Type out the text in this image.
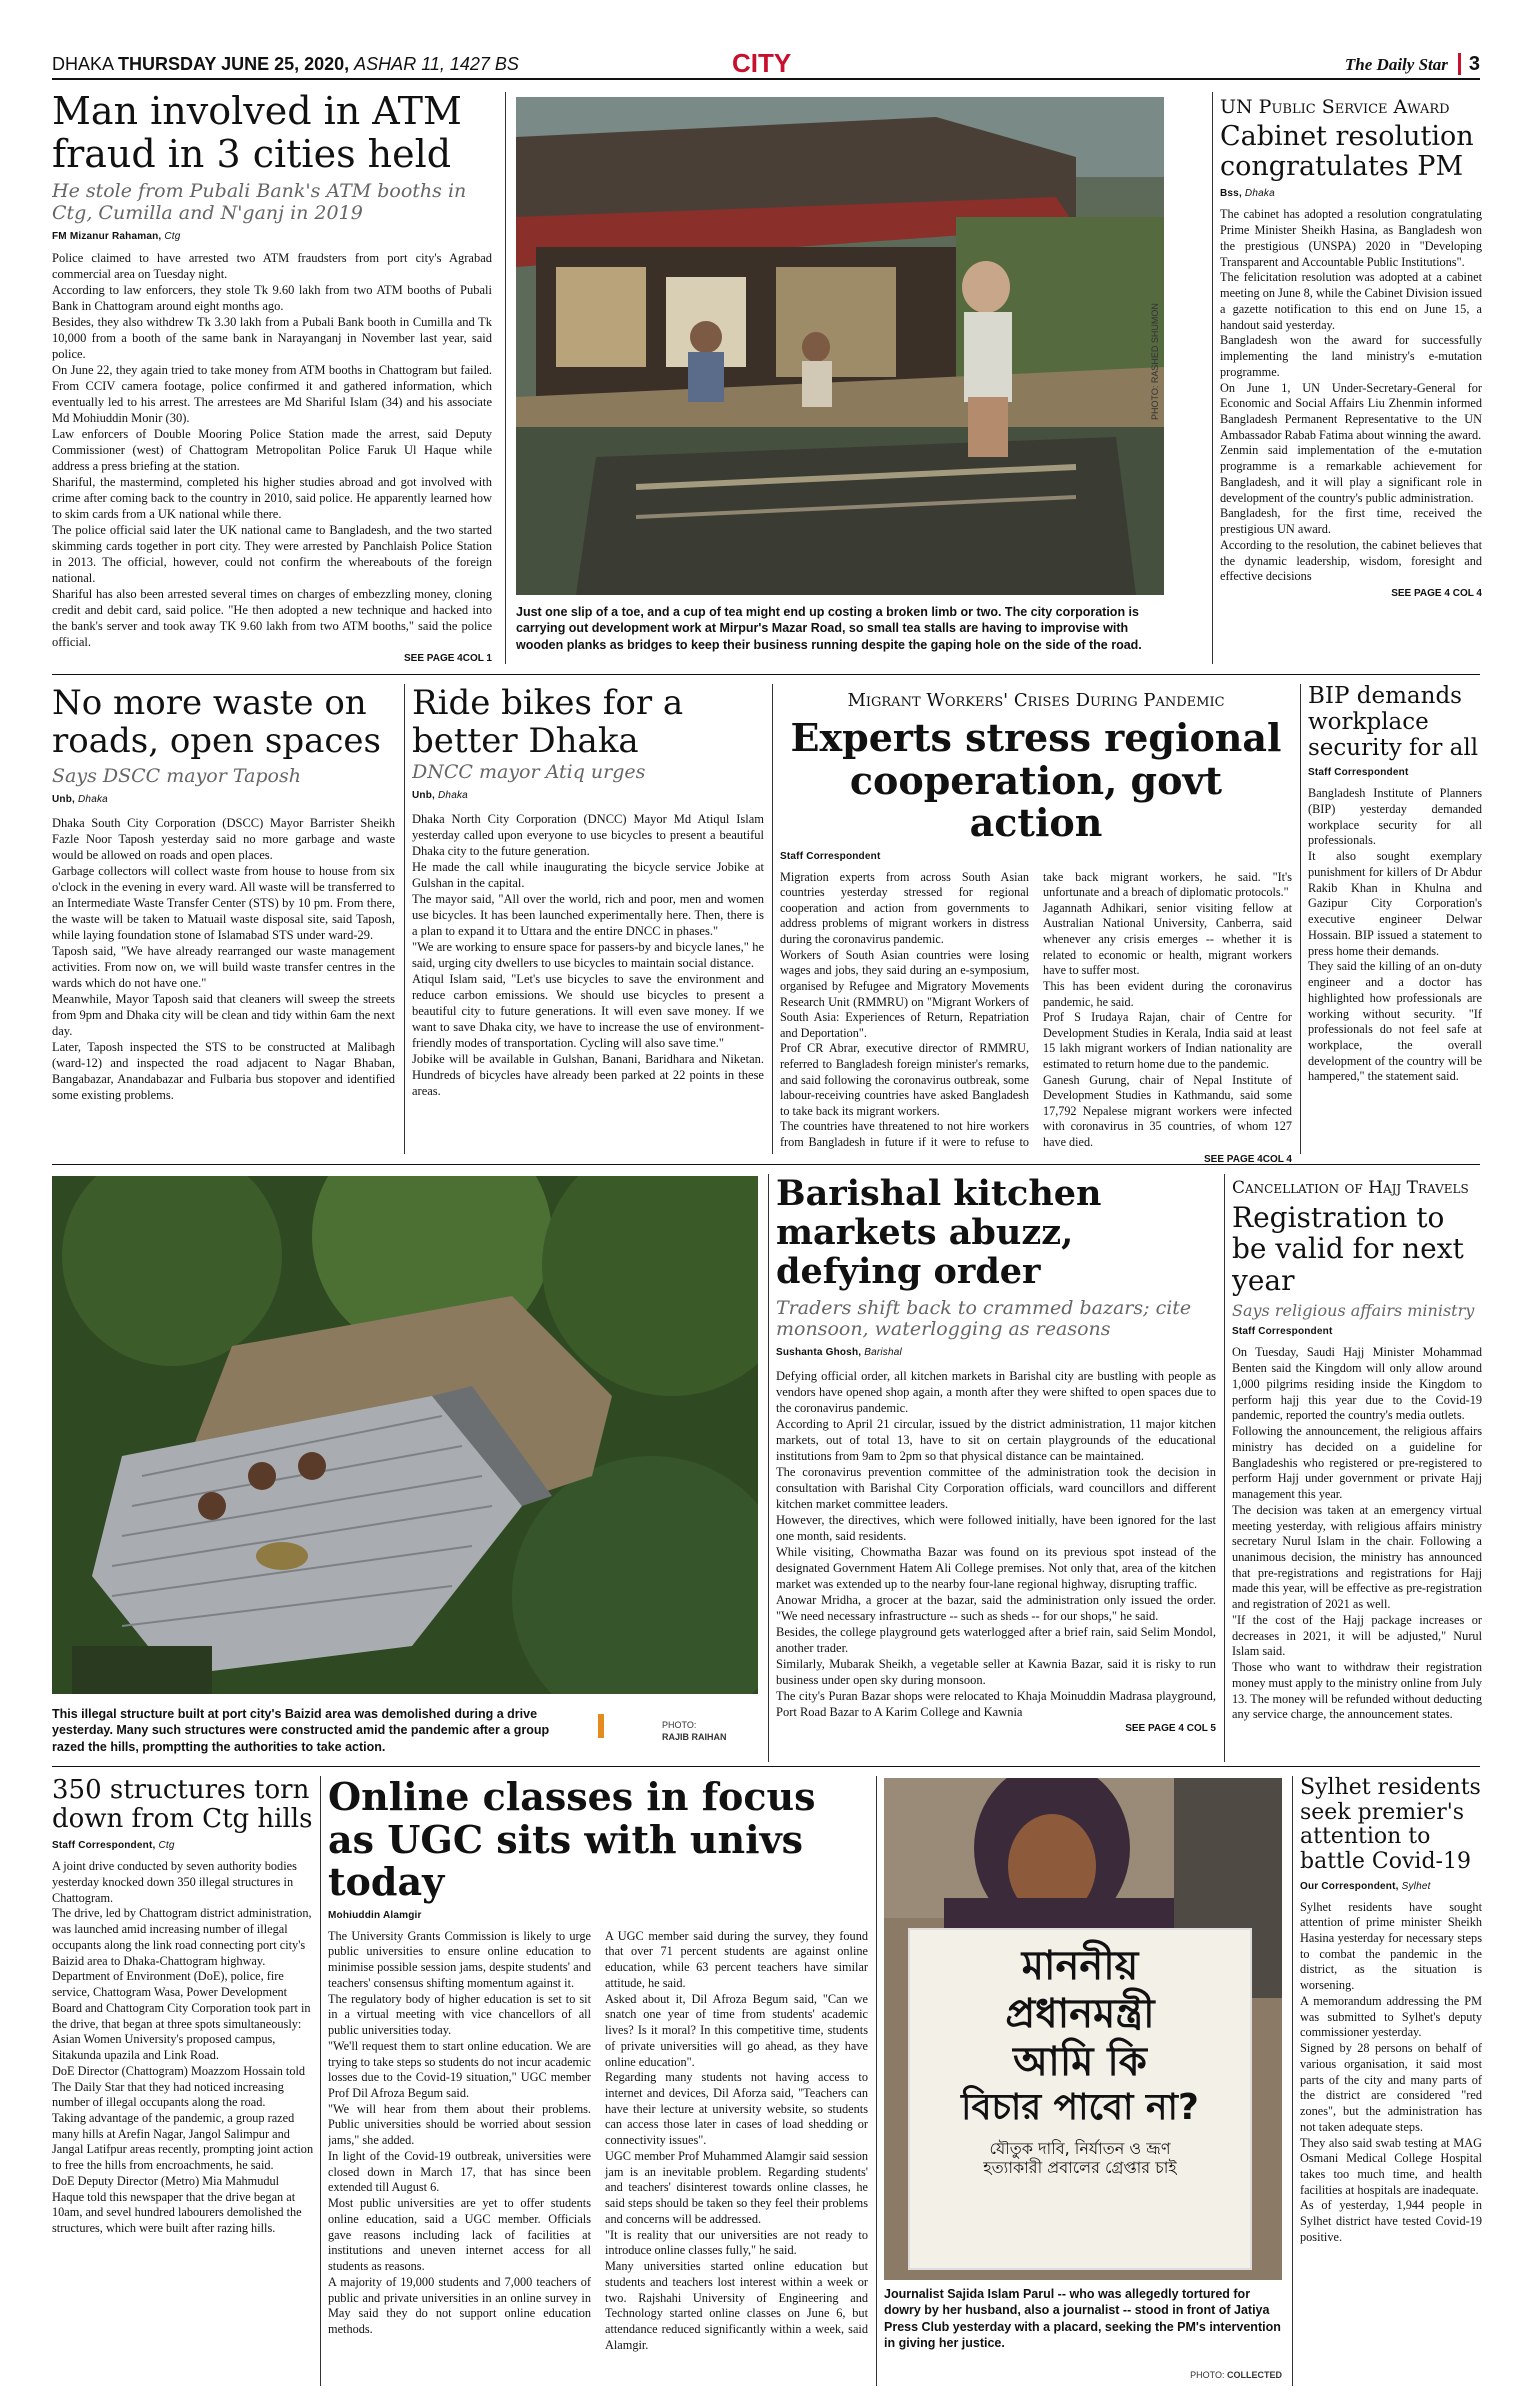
DHAKA THURSDAY JUNE 25, 2020, ASHAR 11, 1427 BS	CITY	The Daily Star 3
Man involved in ATM fraud in 3 cities held
He stole from Pubali Bank's ATM booths in Ctg, Cumilla and N'ganj in 2019
FM Mizanur Rahaman, Ctg

Police claimed to have arrested two ATM fraudsters from port city's Agrabad commercial area on Tuesday night.

According to law enforcers, they stole Tk 9.60 lakh from two ATM booths of Pubali Bank in Chattogram around eight months ago.

Besides, they also withdrew Tk 3.30 lakh from a Pubali Bank booth in Cumilla and Tk 10,000 from a booth of the same bank in Narayanganj in November last year, said police.

On June 22, they again tried to take money from ATM booths in Chattogram but failed. From CCIV camera footage, police confirmed it and gathered information, which eventually led to his arrest. The arrestees are Md Shariful Islam (34) and his associate Md Mohiuddin Monir (30).

Law enforcers of Double Mooring Police Station made the arrest, said Deputy Commissioner (west) of Chattogram Metropolitan Police Faruk Ul Haque while address a press briefing at the station.

Shariful, the mastermind, completed his higher studies abroad and got involved with crime after coming back to the country in 2010, said police. He apparently learned how to skim cards from a UK national while there.

The police official said later the UK national came to Bangladesh, and the two started skimming cards together in port city. They were arrested by Panchlaish Police Station in 2013. The official, however, could not confirm the whereabouts of the foreign national.

Shariful has also been arrested several times on charges of embezzling money, cloning credit and debit card, said police. "He then adopted a new technique and hacked into the bank's server and took away TK 9.60 lakh from two ATM booths," said the police official.

SEE PAGE 4COL 1
PHOTO: RASHED SHUMON
Just one slip of a toe, and a cup of tea might end up costing a broken limb or two. The city corporation is carrying out development work at Mirpur's Mazar Road, so small tea stalls are having to improvise with wooden planks as bridges to keep their business running despite the gaping hole on the side of the road.
UN Public Service Award
Cabinet resolution congratulates PM
Bss, Dhaka

The cabinet has adopted a resolution congratulating Prime Minister Sheikh Hasina, as Bangladesh won the prestigious (UNSPA) 2020 in "Developing Transparent and Accountable Public Institutions".

The felicitation resolution was adopted at a cabinet meeting on June 8, while the Cabinet Division issued a gazette notification to this end on June 15, a handout said yesterday.

Bangladesh won the award for successfully implementing the land ministry's e-mutation programme.

On June 1, UN Under-Secretary-General for Economic and Social Affairs Liu Zhenmin informed Bangladesh Permanent Representative to the UN Ambassador Rabab Fatima about winning the award.

Zenmin said implementation of the e-mutation programme is a remarkable achievement for Bangladesh, and it will play a significant role in development of the country's public administration.

Bangladesh, for the first time, received the prestigious UN award.

According to the resolution, the cabinet believes that the dynamic leadership, wisdom, foresight and effective decisions

SEE PAGE 4 COL 4
No more waste on roads, open spaces
Says DSCC mayor Taposh
Unb, Dhaka

Dhaka South City Corporation (DSCC) Mayor Barrister Sheikh Fazle Noor Taposh yesterday said no more garbage and waste would be allowed on roads and open places.

Garbage collectors will collect waste from house to house from six o'clock in the evening in every ward. All waste will be transferred to an Intermediate Waste Transfer Center (STS) by 10 pm. From there, the waste will be taken to Matuail waste disposal site, said Taposh, while laying foundation stone of Islamabad STS under ward-29.

Taposh said, "We have already rearranged our waste management activities. From now on, we will build waste transfer centres in the wards which do not have one."

Meanwhile, Mayor Taposh said that cleaners will sweep the streets from 9pm and Dhaka city will be clean and tidy within 6am the next day.

Later, Taposh inspected the STS to be constructed at Malibagh (ward-12) and inspected the road adjacent to Nagar Bhaban, Bangabazar, Anandabazar and Fulbaria bus stopover and identified some existing problems.

Ride bikes for a better Dhaka
DNCC mayor Atiq urges
Unb, Dhaka

Dhaka North City Corporation (DNCC) Mayor Md Atiqul Islam yesterday called upon everyone to use bicycles to present a beautiful Dhaka city to the future generation.

He made the call while inaugurating the bicycle service Jobike at Gulshan in the capital.

The mayor said, "All over the world, rich and poor, men and women use bicycles. It has been launched experimentally here. Then, there is a plan to expand it to Uttara and the entire DNCC in phases."

"We are working to ensure space for passers-by and bicycle lanes," he said, urging city dwellers to use bicycles to maintain social distance.

Atiqul Islam said, "Let's use bicycles to save the environment and reduce carbon emissions. We should use bicycles to present a beautiful city to future generations. It will even save money. If we want to save Dhaka city, we have to increase the use of environment-friendly modes of transportation. Cycling will also save time."

Jobike will be available in Gulshan, Banani, Baridhara and Niketan. Hundreds of bicycles have already been parked at 22 points in these areas.

Migrant Workers' Crises During Pandemic
Experts stress regional cooperation, govt action
Staff Correspondent

Migration experts from across South Asian countries yesterday stressed for regional cooperation and action from governments to address problems of migrant workers in distress during the coronavirus pandemic.

Workers of South Asian countries were losing wages and jobs, they said during an e-symposium, organised by Refugee and Migratory Movements Research Unit (RMMRU) on "Migrant Workers of South Asia: Experiences of Return, Repatriation and Deportation".

Prof CR Abrar, executive director of RMMRU, referred to Bangladesh foreign minister's remarks, and said following the coronavirus outbreak, some labour-receiving countries have asked Bangladesh to take back its migrant workers.

The countries have threatened to not hire workers from Bangladesh in future if it were to refuse to take back migrant workers, he said. "It's unfortunate and a breach of diplomatic protocols."

Jagannath Adhikari, senior visiting fellow at Australian National University, Canberra, said whenever any crisis emerges -- whether it is related to economic or health, migrant workers have to suffer most.

This has been evident during the coronavirus pandemic, he said.

Prof S Irudaya Rajan, chair of Centre for Development Studies in Kerala, India said at least 15 lakh migrant workers of Indian nationality are estimated to return home due to the pandemic.

Ganesh Gurung, chair of Nepal Institute of Development Studies in Kathmandu, said some 17,792 Nepalese migrant workers were infected with coronavirus in 35 countries, of whom 127 have died.

SEE PAGE 4COL 4
BIP demands workplace security for all
Staff Correspondent

Bangladesh Institute of Planners (BIP) yesterday demanded workplace security for all professionals.

It also sought exemplary punishment for killers of Dr Abdur Rakib Khan in Khulna and Gazipur City Corporation's executive engineer Delwar Hossain. BIP issued a statement to press home their demands.

They said the killing of an on-duty engineer and a doctor has highlighted how professionals are working without security. "If professionals do not feel safe at workplace, the overall development of the country will be hampered," the statement said.

This illegal structure built at port city's Baizid area was demolished during a drive yesterday. Many such structures were constructed amid the pandemic after a group razed the hills, promptting the authorities to take action.
PHOTO:
RAJIB RAIHAN
Barishal kitchen markets abuzz, defying order
Traders shift back to crammed bazars; cite monsoon, waterlogging as reasons
Sushanta Ghosh, Barishal

Defying official order, all kitchen markets in Barishal city are bustling with people as vendors have opened shop again, a month after they were shifted to open spaces due to the coronavirus pandemic.

According to April 21 circular, issued by the district administration, 11 major kitchen markets, out of total 13, have to sit on certain playgrounds of the educational institutions from 9am to 2pm so that physical distance can be maintained.

The coronavirus prevention committee of the administration took the decision in consultation with Barishal City Corporation officials, ward councillors and different kitchen market committee leaders.

However, the directives, which were followed initially, have been ignored for the last one month, said residents.

While visiting, Chowmatha Bazar was found on its previous spot instead of the designated Government Hatem Ali College premises. Not only that, area of the kitchen market was extended up to the nearby four-lane regional highway, disrupting traffic.

Anowar Mridha, a grocer at the bazar, said the administration only issued the order. "We need necessary infrastructure -- such as sheds -- for our shops," he said.

Besides, the college playground gets waterlogged after a brief rain, said Selim Mondol, another trader.

Similarly, Mubarak Sheikh, a vegetable seller at Kawnia Bazar, said it is risky to run business under open sky during monsoon.

The city's Puran Bazar shops were relocated to Khaja Moinuddin Madrasa playground, Port Road Bazar to A Karim College and Kawnia

SEE PAGE 4 COL 5
Cancellation of Hajj Travels
Registration to be valid for next year
Says religious affairs ministry
Staff Correspondent

On Tuesday, Saudi Hajj Minister Mohammad Benten said the Kingdom will only allow around 1,000 pilgrims residing inside the Kingdom to perform hajj this year due to the Covid-19 pandemic, reported the country's media outlets.

Following the announcement, the religious affairs ministry has decided on a guideline for Bangladeshis who registered or pre-registered to perform Hajj under government or private Hajj management this year.

The decision was taken at an emergency virtual meeting yesterday, with religious affairs ministry secretary Nurul Islam in the chair. Following a unanimous decision, the ministry has announced that pre-registrations and registrations for Hajj made this year, will be effective as pre-registration and registration of 2021 as well.

"If the cost of the Hajj package increases or decreases in 2021, it will be adjusted," Nurul Islam said.

Those who want to withdraw their registration money must apply to the ministry online from July 13. The money will be refunded without deducting any service charge, the announcement states.

350 structures torn down from Ctg hills
Staff Correspondent, Ctg

A joint drive conducted by seven authority bodies yesterday knocked down 350 illegal structures in Chattogram.

The drive, led by Chattogram district administration, was launched amid increasing number of illegal occupants along the link road connecting port city's Baizid area to Dhaka-Chattogram highway.

Department of Environment (DoE), police, fire service, Chattogram Wasa, Power Development Board and Chattogram City Corporation took part in the drive, that began at three spots simultaneously: Asian Women University's proposed campus, Sitakunda upazila and Link Road.

DoE Director (Chattogram) Moazzom Hossain told The Daily Star that they had noticed increasing number of illegal occupants along the road.

Taking advantage of the pandemic, a group razed many hills at Arefin Nagar, Jangol Salimpur and Jangal Latifpur areas recently, prompting joint action to free the hills from encroachments, he said.

DoE Deputy Director (Metro) Mia Mahmudul Haque told this newspaper that the drive began at 10am, and sevel hundred labourers demolished the structures, which were built after razing hills.

Online classes in focus as UGC sits with univs today
Mohiuddin Alamgir

The University Grants Commission is likely to urge public universities to ensure online education to minimise possible session jams, despite students' and teachers' consensus shifting momentum against it.

The regulatory body of higher education is set to sit in a virtual meeting with vice chancellors of all public universities today.

"We'll request them to start online education. We are trying to take steps so students do not incur academic losses due to the Covid-19 situation," UGC member Prof Dil Afroza Begum said.

"We will hear from them about their problems. Public universities should be worried about session jams," she added.

In light of the Covid-19 outbreak, universities were closed down in March 17, that has since been extended till August 6.

Most public universities are yet to offer students online education, said a UGC member. Officials gave reasons including lack of facilities at institutions and uneven internet access for all students as reasons.

A majority of 19,000 students and 7,000 teachers of public and private universities in an online survey in May said they do not support online education methods.

A UGC member said during the survey, they found that over 71 percent students are against online education, while 63 percent teachers have similar attitude, he said.

Asked about it, Dil Afroza Begum said, "Can we snatch one year of time from students' academic lives? Is it moral? In this competitive time, students of private universities will go ahead, as they have online education".

Regarding many students not having access to internet and devices, Dil Aforza said, "Teachers can have their lecture at university website, so students can access those later in cases of load shedding or connectivity issues".

UGC member Prof Muhammed Alamgir said session jam is an inevitable problem. Regarding students' and teachers' disinterest towards online classes, he said steps should be taken so they feel their problems and concerns will be addressed.

"It is reality that our universities are not ready to introduce online classes fully," he said.

Many universities started online education but students and teachers lost interest within a week or two. Rajshahi University of Engineering and Technology started online classes on June 6, but attendance reduced significantly within a week, said Alamgir.

মাননীয়
প্রধানমন্ত্রী
আমি কি
বিচার পাবো না?
যৌতুক দাবি, নির্যাতন ও ভ্রূণ
হত্যাকারী প্রবালের গ্রেপ্তার চাই
Journalist Sajida Islam Parul -- who was allegedly tortured for dowry by her husband, also a journalist -- stood in front of Jatiya Press Club yesterday with a placard, seeking the PM's intervention in giving her justice.
PHOTO: COLLECTED
Sylhet residents seek premier's attention to battle Covid-19
Our Correspondent, Sylhet

Sylhet residents have sought attention of prime minister Sheikh Hasina yesterday for necessary steps to combat the pandemic in the district, as the situation is worsening.

A memorandum addressing the PM was submitted to Sylhet's deputy commissioner yesterday.

Signed by 28 persons on behalf of various organisation, it said most parts of the city and many parts of the district are considered "red zones", but the administration has not taken adequate steps.

They also said swab testing at MAG Osmani Medical College Hospital takes too much time, and health facilities at hospitals are inadequate.

As of yesterday, 1,944 people in Sylhet district have tested Covid-19 positive.
